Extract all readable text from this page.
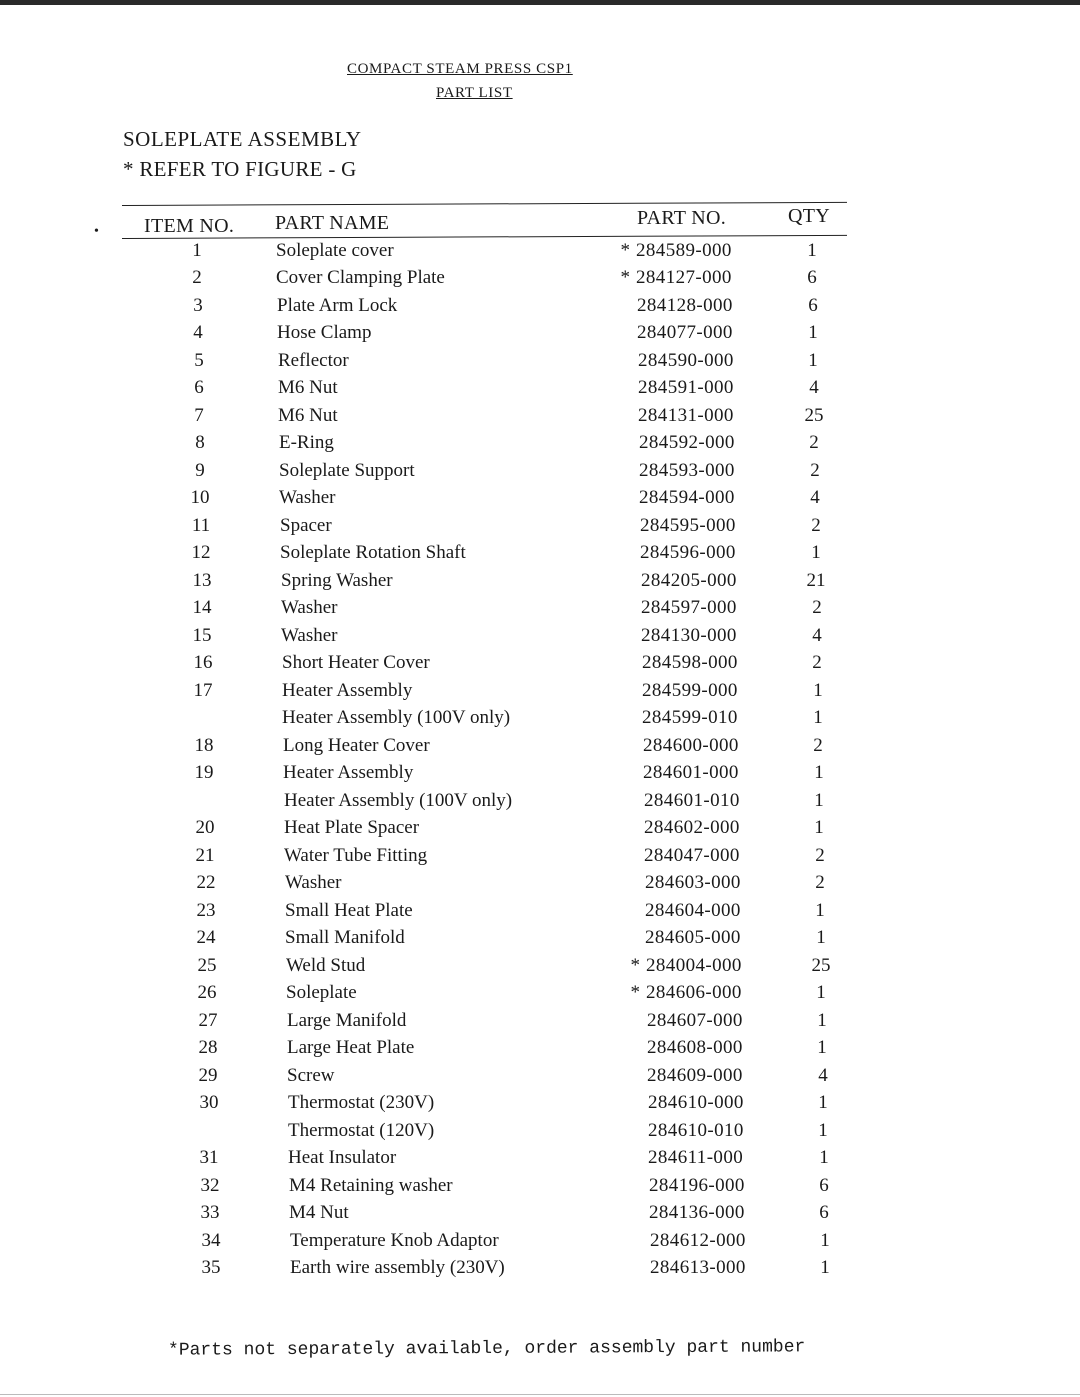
COMPACT STEAM PRESS CSP1
PART LIST
SOLEPLATE ASSEMBLY
* REFER TO FIGURE - G
• ITEM NO. PART NAME	PART NO.	QTY
1	Soleplate cover	* 284589-000	1
2	Cover Clamping Plate	* 284127-000	6
3	Plate Arm Lock	284128-000	6
4	Hose Clamp	284077-000	1
5	Reflector	284590-000	1
6	M6 Nut	284591-000	4
7	M6 Nut	284131-000	25
8	E-Ring	284592-000	2
9	Soleplate Support	284593-000	2
10	Washer	284594-000	4
11	Spacer	284595-000	2
12	Soleplate Rotation Shaft	284596-000	1
13	Spring Washer	284205-000	21
14	Washer	284597-000	2
15	Washer	284130-000	4
16	Short Heater Cover	284598-000	2
17	Heater Assembly	284599-000	1
Heater Assembly (100V only)	284599-010	1
18	Long Heater Cover	284600-000	2
19	Heater Assembly	284601-000	1
Heater Assembly (100V only)	284601-010	1
20	Heat Plate Spacer	284602-000	1
21	Water Tube Fitting	284047-000	2
22	Washer	284603-000	2
23	Small Heat Plate	284604-000	1
24	Small Manifold	284605-000	1
25	Weld Stud	* 284004-000	25
26	Soleplate	* 284606-000	1
27	Large Manifold	284607-000	1
28	Large Heat Plate	284608-000	1
29	Screw	284609-000	4
30	Thermostat (230V)	284610-000	1
Thermostat (120V)	284610-010	1
31	Heat Insulator	284611-000	1
32	M4 Retaining washer	284196-000	6
33	M4 Nut	284136-000	6
34	Temperature Knob Adaptor	284612-000	1
35	Earth wire assembly (230V)	284613-000	1
*Parts not separately available, order assembly part number
